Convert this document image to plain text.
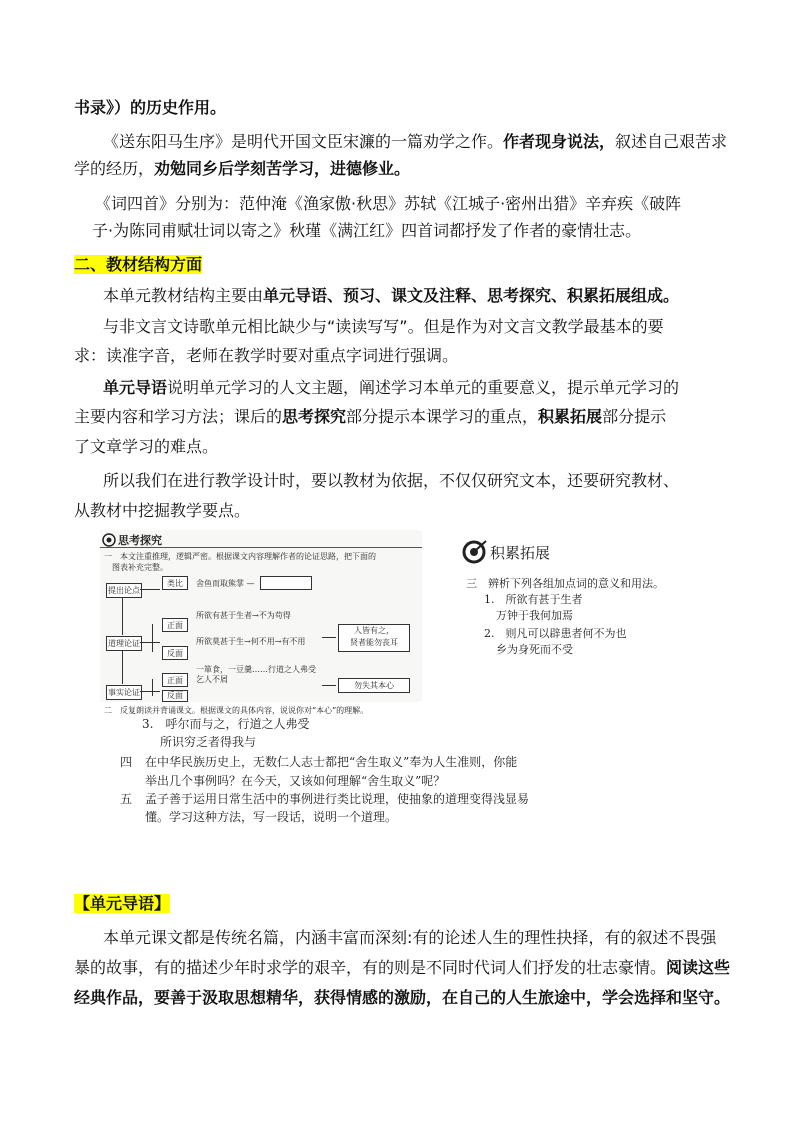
书录》）的历史作用。
《送东阳马生序》是明代开国文臣宋濂的一篇劝学之作。作者现身说法，叙述自己艰苦求
学的经历，劝勉同乡后学刻苦学习，进德修业。
《词四首》分别为：范仲淹《渔家傲·秋思》苏轼《江城子·密州出猎》辛弃疾《破阵
子·为陈同甫赋壮词以寄之》秋瑾《满江红》四首词都抒发了作者的豪情壮志。
二、教材结构方面
本单元教材结构主要由单元导语、预习、课文及注释、思考探究、积累拓展组成。
与非文言文诗歌单元相比缺少与“读读写写”。但是作为对文言文教学最基本的要
求：读准字音，老师在教学时要对重点字词进行强调。
单元导语说明单元学习的人文主题，阐述学习本单元的重要意义，提示单元学习的
主要内容和学习方法；课后的思考探究部分提示本课学习的重点，积累拓展部分提示
了文章学习的难点。
所以我们在进行教学设计时，要以教材为依据，不仅仅研究文本，还要研究教材、
从教材中挖掘教学要点。
思考探究
一　本文注重推理，逻辑严密。根据课文内容理解作者的论证思路，把下面的
图表补充完整。
提出论点
道理论证
事实论证
类比	舍鱼而取熊掌 —
正面
所欲有甚于生者→不为苟得
反面
所欲莫甚于生→何不用→有不用
人皆有之，
贤者能勿丧耳
正面
一箪食，一豆羹……行道之人弗受
乞人不屑
反面
勿失其本心
二　反复朗读并背诵课文。根据课文的具体内容，说说你对“本心”的理解。
积累拓展
三　辨析下列各组加点词的意义和用法。
1.　所欲有甚于生者
万钟于我何加焉
2.　则凡可以辟患者何不为也
乡为身死而不受
3.　呼尔而与之，行道之人弗受
所识穷乏者得我与
四 在中华民族历史上，无数仁人志士都把“舍生取义”奉为人生准则，你能
举出几个事例吗？在今天，又该如何理解“舍生取义”呢？
五 孟子善于运用日常生活中的事例进行类比说理，使抽象的道理变得浅显易
懂。学习这种方法，写一段话，说明一个道理。
【单元导语】
本单元课文都是传统名篇，内涵丰富而深刻:有的论述人生的理性抉择，有的叙述不畏强
暴的故事，有的描述少年时求学的艰辛，有的则是不同时代词人们抒发的壮志豪情。阅读这些
经典作品，要善于汲取思想精华，获得情感的激励，在自己的人生旅途中，学会选择和坚守。
